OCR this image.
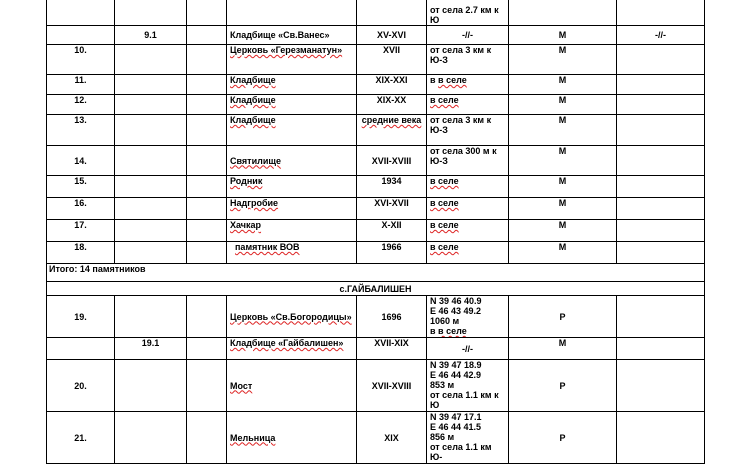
					от села 2.7 км к Ю		
	9.1		Кладбище «Св.Ванес»	XV-XVI	-//-	М	-//-
10.			Церковь «Герезманатун»	XVII	от села 3 км к Ю-З	М	
11.			Кладбище	XIX-XXI	в в селе	М	
12.			Кладбище	XIX-XX	в селе	М	
13.			Кладбище	средние века	от села 3 км к Ю-З	М	
14.			Святилище	XVII-XVIII	от села 300 м к Ю-З	М	
15.			Родник	1934	в селе	М	
16.			Надгробие	XVI-XVII	в селе	М	
17.			Хачкар	X-XII	в селе	М	
18.			памятник ВОВ	1966	в селе	М	
Итого: 14 памятников							
с.ГАЙБАЛИШЕН							
19.			Церковь «Св.Богородицы»	1696	N 39 46 40.9
E 46 43 49.2
1060 м
в в селе	Р	
	19.1		Кладбище «Гайбалишен»	XVII-XIX	-//-	М	
20.			Мост	XVII-XVIII	N 39 47 18.9
E 46 44 42.9
853 м
от села 1.1 км к Ю	Р	
21.			Мельница	XIX	N 39 47 17.1
E 46 44 41.5
856 м
от села 1.1 км Ю-	Р	
